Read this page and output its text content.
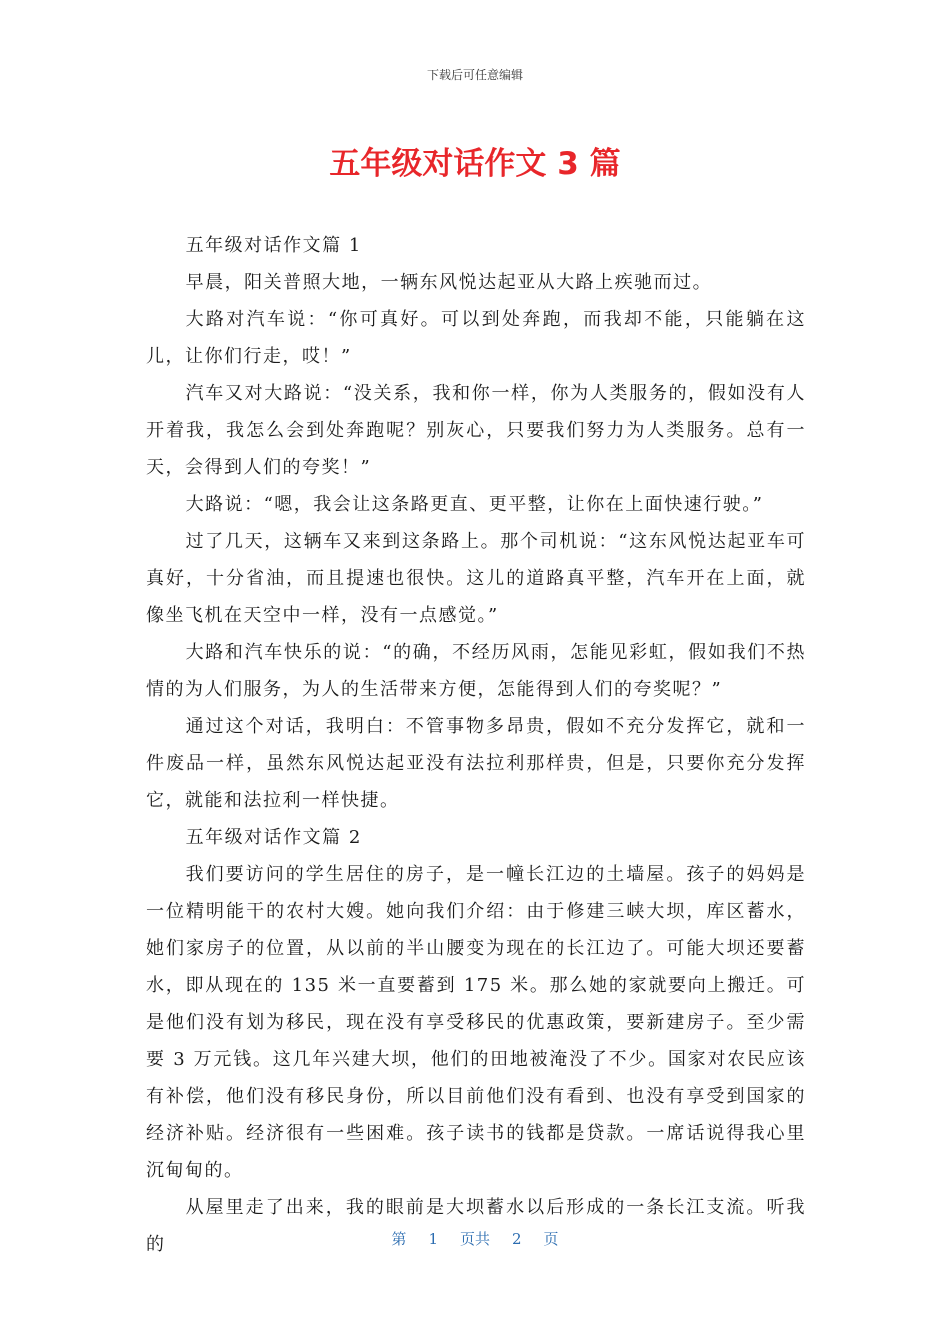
下载后可任意编辑
五年级对话作文 3 篇

五年级对话作文篇 1

早晨，阳关普照大地，一辆东风悦达起亚从大路上疾驰而过。

大路对汽车说：“你可真好。可以到处奔跑，而我却不能，只能躺在这儿，让你们行走，哎！”

汽车又对大路说：“没关系，我和你一样，你为人类服务的，假如没有人开着我，我怎么会到处奔跑呢？别灰心，只要我们努力为人类服务。总有一天，会得到人们的夸奖！”

大路说：“嗯，我会让这条路更直、更平整，让你在上面快速行驶。”

过了几天，这辆车又来到这条路上。那个司机说：“这东风悦达起亚车可真好，十分省油，而且提速也很快。这儿的道路真平整，汽车开在上面，就像坐飞机在天空中一样，没有一点感觉。”

大路和汽车快乐的说：“的确，不经历风雨，怎能见彩虹，假如我们不热情的为人们服务，为人的生活带来方便，怎能得到人们的夸奖呢？”

通过这个对话，我明白：不管事物多昂贵，假如不充分发挥它，就和一件废品一样，虽然东风悦达起亚没有法拉利那样贵，但是，只要你充分发挥它，就能和法拉利一样快捷。

五年级对话作文篇 2

我们要访问的学生居住的房子，是一幢长江边的土墙屋。孩子的妈妈是一位精明能干的农村大嫂。她向我们介绍：由于修建三峡大坝，库区蓄水，她们家房子的位置，从以前的半山腰变为现在的长江边了。可能大坝还要蓄水，即从现在的 135 米一直要蓄到 175 米。那么她的家就要向上搬迁。可是他们没有划为移民，现在没有享受移民的优惠政策，要新建房子。至少需要 3 万元钱。这几年兴建大坝，他们的田地被淹没了不少。国家对农民应该有补偿，他们没有移民身份，所以目前他们没有看到、也没有享受到国家的经济补贴。经济很有一些困难。孩子读书的钱都是贷款。一席话说得我心里沉甸甸的。

从屋里走了出来，我的眼前是大坝蓄水以后形成的一条长江支流。听我的	第 1 页共 2 页
